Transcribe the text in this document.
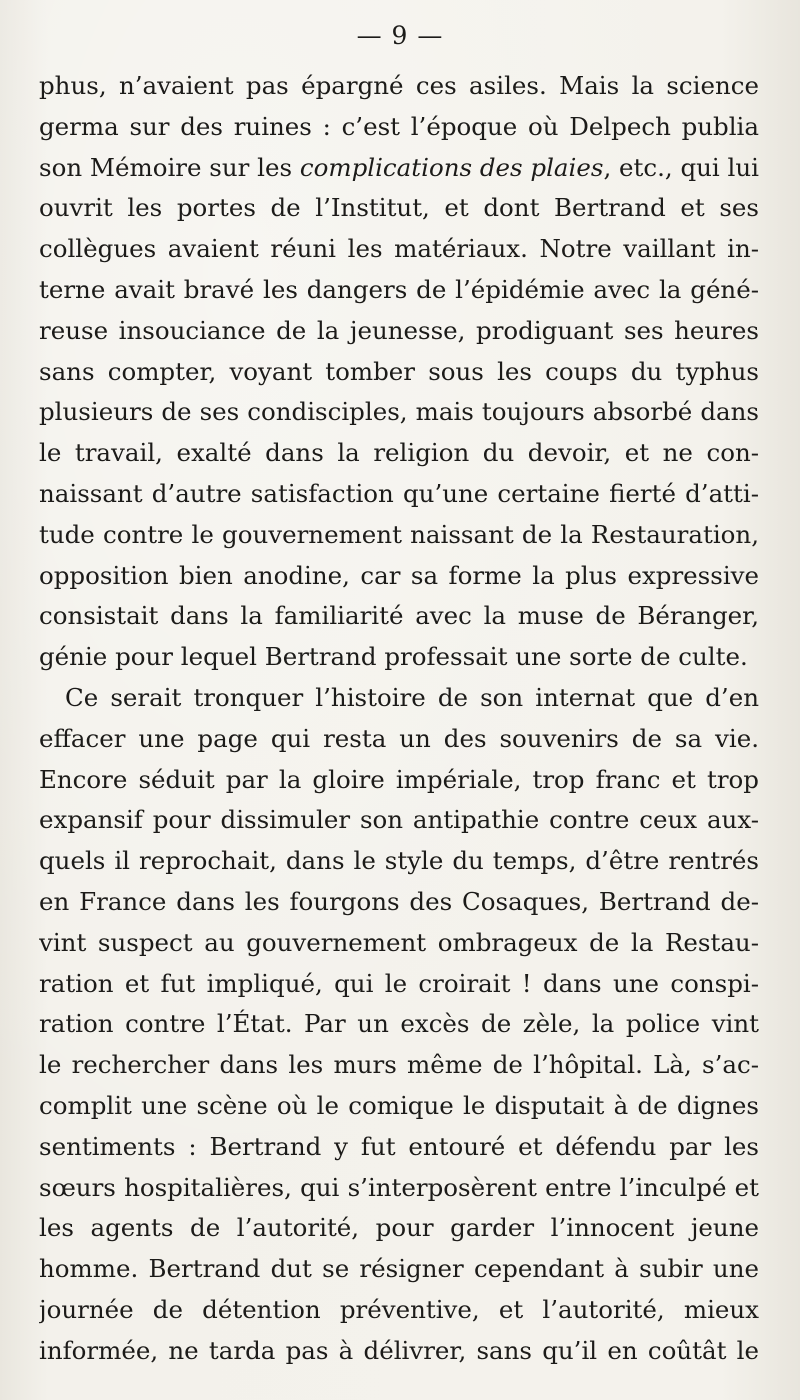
— 9 —
phus, n’avaient pas épargné ces asiles. Mais la science
germa sur des ruines : c’est l’époque où Delpech publia
son Mémoire sur les complications des plaies, etc., qui lui
ouvrit les portes de l’Institut, et dont Bertrand et ses
collègues avaient réuni les matériaux. Notre vaillant in-
terne avait bravé les dangers de l’épidémie avec la géné-
reuse insouciance de la jeunesse, prodiguant ses heures
sans compter, voyant tomber sous les coups du typhus
plusieurs de ses condisciples, mais toujours absorbé dans
le travail, exalté dans la religion du devoir, et ne con-
naissant d’autre satisfaction qu’une certaine fierté d’atti-
tude contre le gouvernement naissant de la Restauration,
opposition bien anodine, car sa forme la plus expressive
consistait dans la familiarité avec la muse de Béranger,
génie pour lequel Bertrand professait une sorte de culte.
Ce serait tronquer l’histoire de son internat que d’en
effacer une page qui resta un des souvenirs de sa vie.
Encore séduit par la gloire impériale, trop franc et trop
expansif pour dissimuler son antipathie contre ceux aux-
quels il reprochait, dans le style du temps, d’être rentrés
en France dans les fourgons des Cosaques, Bertrand de-
vint suspect au gouvernement ombrageux de la Restau-
ration et fut impliqué, qui le croirait ! dans une conspi-
ration contre l’État. Par un excès de zèle, la police vint
le rechercher dans les murs même de l’hôpital. Là, s’ac-
complit une scène où le comique le disputait à de dignes
sentiments : Bertrand y fut entouré et défendu par les
sœurs hospitalières, qui s’interposèrent entre l’inculpé et
les agents de l’autorité, pour garder l’innocent jeune
homme. Bertrand dut se résigner cependant à subir une
journée de détention préventive, et l’autorité, mieux
informée, ne tarda pas à délivrer, sans qu’il en coûtât le
